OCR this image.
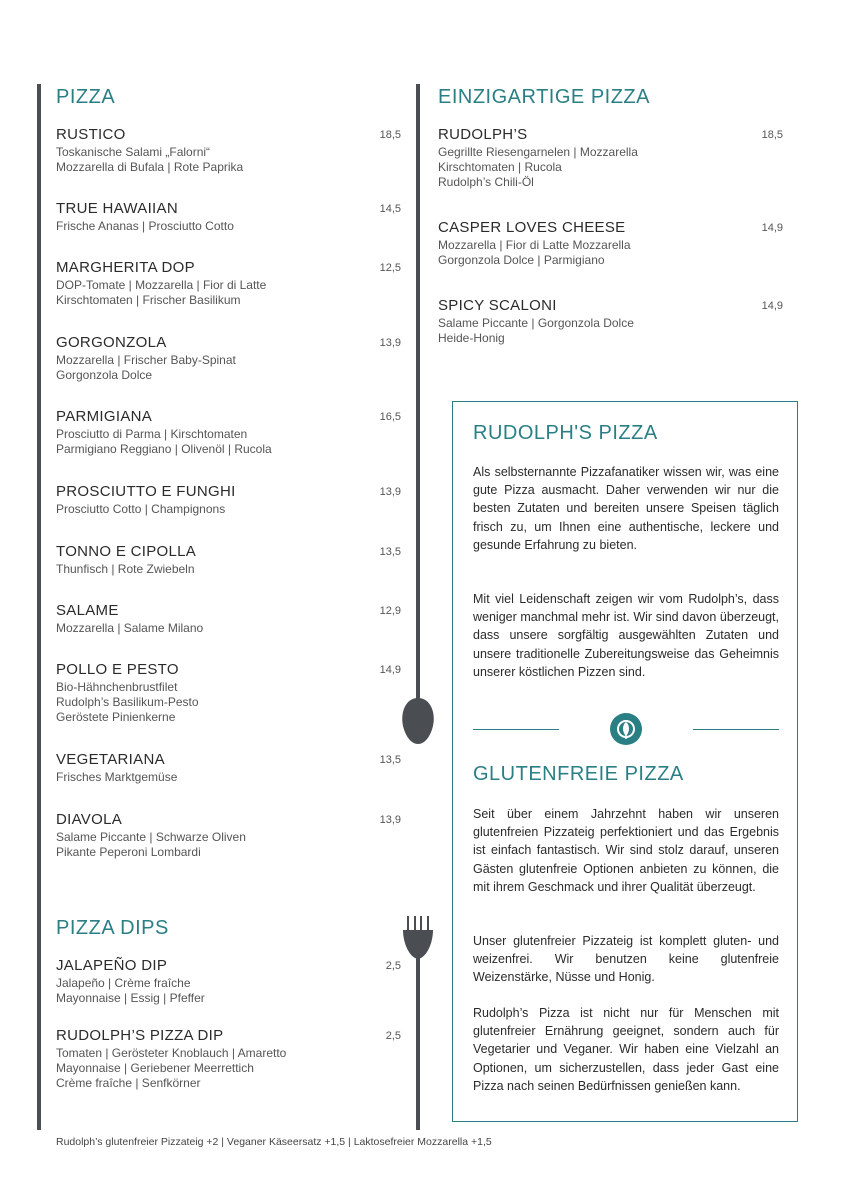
PIZZA
RUSTICO	18,5
Toskanische Salami „Falorni“
Mozzarella di Bufala | Rote Paprika
TRUE HAWAIIAN	14,5
Frische Ananas | Prosciutto Cotto
MARGHERITA DOP	12,5
DOP-Tomate | Mozzarella | Fior di Latte
Kirschtomaten | Frischer Basilikum
GORGONZOLA	13,9
Mozzarella | Frischer Baby-Spinat
Gorgonzola Dolce
PARMIGIANA	16,5
Prosciutto di Parma | Kirschtomaten
Parmigiano Reggiano | Olivenöl | Rucola
PROSCIUTTO E FUNGHI	13,9
Prosciutto Cotto | Champignons
TONNO E CIPOLLA	13,5
Thunfisch | Rote Zwiebeln
SALAME	12,9
Mozzarella | Salame Milano
POLLO E PESTO	14,9
Bio-Hähnchenbrustfilet
Rudolph’s Basilikum-Pesto
Geröstete Pinienkerne
VEGETARIANA	13,5
Frisches Marktgemüse
DIAVOLA	13,9
Salame Piccante | Schwarze Oliven
Pikante Peperoni Lombardi
PIZZA DIPS
JALAPEÑO DIP	2,5
Jalapeño | Crème fraîche
Mayonnaise | Essig | Pfeffer
RUDOLPH’S PIZZA DIP	2,5
Tomaten | Gerösteter Knoblauch | Amaretto
Mayonnaise | Geriebener Meerrettich
Crème fraîche | Senfkörner
EINZIGARTIGE PIZZA
RUDOLPH’S	18,5
Gegrillte Riesengarnelen | Mozzarella
Kirschtomaten | Rucola
Rudolph’s Chili-Öl
CASPER LOVES CHEESE	14,9
Mozzarella | Fior di Latte Mozzarella
Gorgonzola Dolce | Parmigiano
SPICY SCALONI	14,9
Salame Piccante | Gorgonzola Dolce
Heide-Honig
RUDOLPH'S PIZZA
Als selbsternannte Pizzafanatiker wissen wir, was eine gute Pizza ausmacht. Daher verwenden wir nur die besten Zutaten und bereiten unsere Speisen täglich frisch zu, um Ihnen eine authentische, leckere und gesunde Erfahrung zu bieten.
Mit viel Leidenschaft zeigen wir vom Rudolph’s, dass weniger manchmal mehr ist. Wir sind davon überzeugt, dass unsere sorgfältig ausgewählten Zutaten und unsere traditionelle Zubereitungsweise das Geheimnis unserer köstlichen Pizzen sind.
GLUTENFREIE PIZZA
Seit über einem Jahrzehnt haben wir unseren glutenfreien Pizzateig perfektioniert und das Ergebnis ist einfach fantastisch. Wir sind stolz darauf, unseren Gästen glutenfreie Optionen anbieten zu können, die mit ihrem Geschmack und ihrer Qualität überzeugt.
Unser glutenfreier Pizzateig ist komplett gluten- und weizenfrei. Wir benutzen keine glutenfreie Weizenstärke, Nüsse und Honig.
Rudolph’s Pizza ist nicht nur für Menschen mit glutenfreier Ernährung geeignet, sondern auch für Vegetarier und Veganer. Wir haben eine Vielzahl an Optionen, um sicherzustellen, dass jeder Gast eine Pizza nach seinen Bedürfnissen genießen kann.
Rudolph’s glutenfreier Pizzateig +2 | Veganer Käseersatz +1,5 | Laktosefreier Mozzarella +1,5
